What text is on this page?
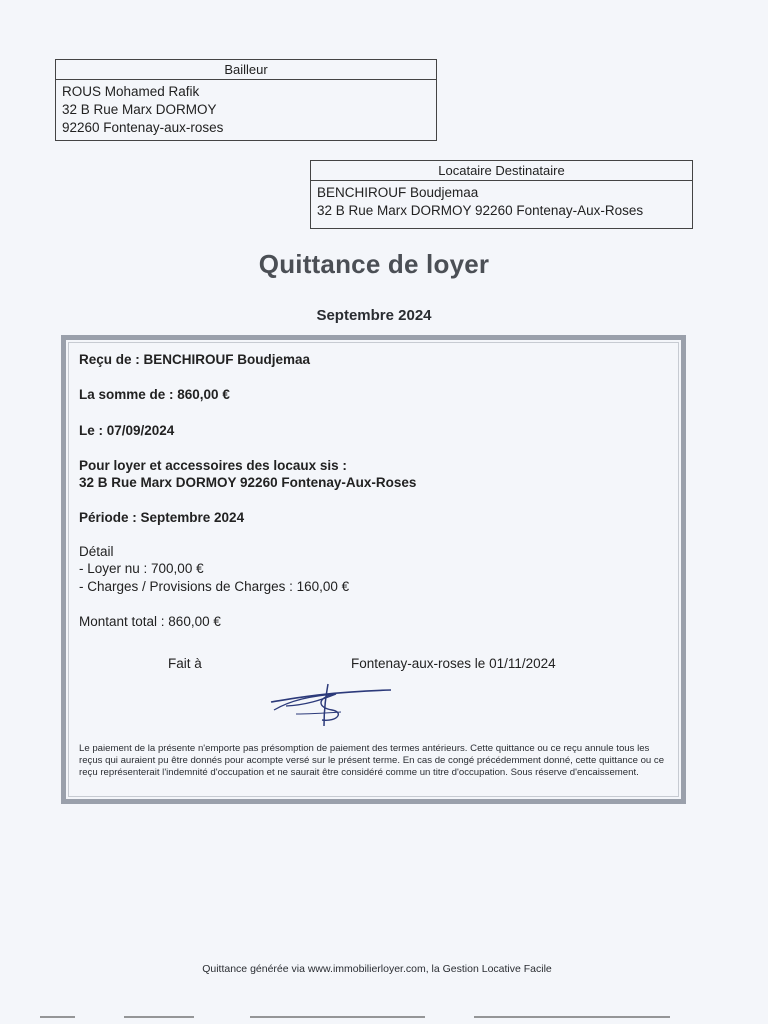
Bailleur
ROUS Mohamed Rafik
32 B Rue Marx DORMOY
92260 Fontenay-aux-roses
Locataire Destinataire
BENCHIROUF Boudjemaa
32 B Rue Marx DORMOY 92260 Fontenay-Aux-Roses
Quittance de loyer
Septembre 2024
Reçu de : BENCHIROUF Boudjemaa
La somme de : 860,00 €
Le : 07/09/2024
Pour loyer et accessoires des locaux sis :
32 B Rue Marx DORMOY 92260 Fontenay-Aux-Roses
Période : Septembre 2024
Détail
- Loyer nu : 700,00 €
- Charges / Provisions de Charges : 160,00 €
Montant total : 860,00 €
Fait à	Fontenay-aux-roses le 01/11/2024
Le paiement de la présente n'emporte pas présomption de paiement des termes antérieurs. Cette quittance ou ce reçu annule tous les reçus qui auraient pu être donnés pour acompte versé sur le présent terme. En cas de congé précédemment donné, cette quittance ou ce reçu représenterait l'indemnité d'occupation et ne saurait être considéré comme un titre d'occupation. Sous réserve d'encaissement.
Quittance générée via www.immobilierloyer.com, la Gestion Locative Facile
